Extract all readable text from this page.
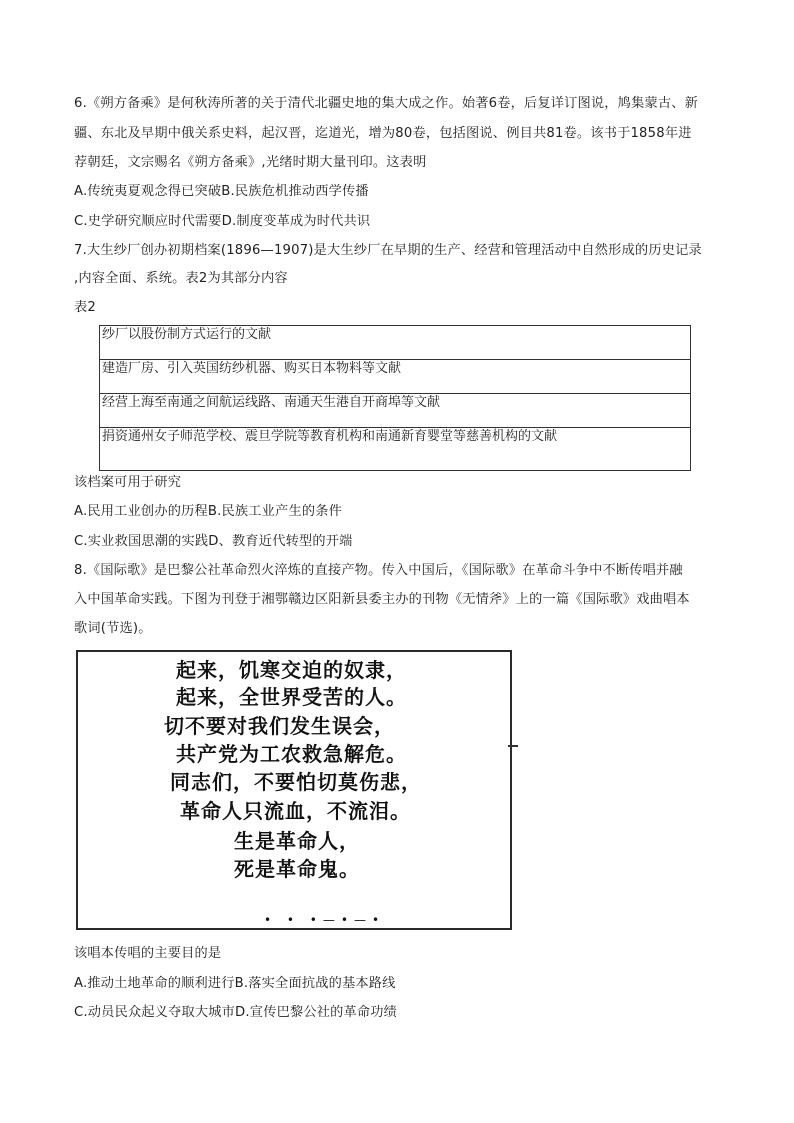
6.《朔方备乘》是何秋涛所著的关于清代北疆史地的集大成之作。始著6卷，后复详订图说，鸠集蒙古、新
疆、东北及早期中俄关系史料，起汉晋，迄道光，增为80卷，包括图说、例目共81卷。该书于1858年进
荐朝廷，文宗赐名《朔方备乘》,光绪时期大量刊印。这表明
A.传统夷夏观念得已突破B.民族危机推动西学传播
C.史学研究顺应时代需要D.制度变革成为时代共识
7.大生纱厂创办初期档案(1896—1907)是大生纱厂在早期的生产、经营和管理活动中自然形成的历史记录
,内容全面、系统。表2为其部分内容
表2
纱厂以股份制方式运行的文献
建造厂房、引入英国纺纱机器、购买日本物料等文献
经营上海至南通之间航运线路、南通天生港自开商埠等文献
捐资通州女子师范学校、震旦学院等教育机构和南通新育婴堂等慈善机构的文献
该档案可用于研究
A.民用工业创办的历程B.民族工业产生的条件
C.实业救国思潮的实践D、教育近代转型的开端
8.《国际歌》是巴黎公社革命烈火淬炼的直接产物。传入中国后，《国际歌》在革命斗争中不断传唱并融
入中国革命实践。下图为刊登于湘鄂赣边区阳新县委主办的刊物《无情斧》上的一篇《国际歌》戏曲唱本
歌词(节选)。
起来，饥寒交迫的奴隶，
起来，全世界受苦的人。
切不要对我们发生误会，
共产党为工农救急解危。
同志们，不要怕切莫伤悲，
革命人只流血，不流泪。
生是革命人，
死是革命鬼。
• • •—•—•
该唱本传唱的主要目的是
A.推动土地革命的顺利进行B.落实全面抗战的基本路线
C.动员民众起义夺取大城市D.宣传巴黎公社的革命功绩
